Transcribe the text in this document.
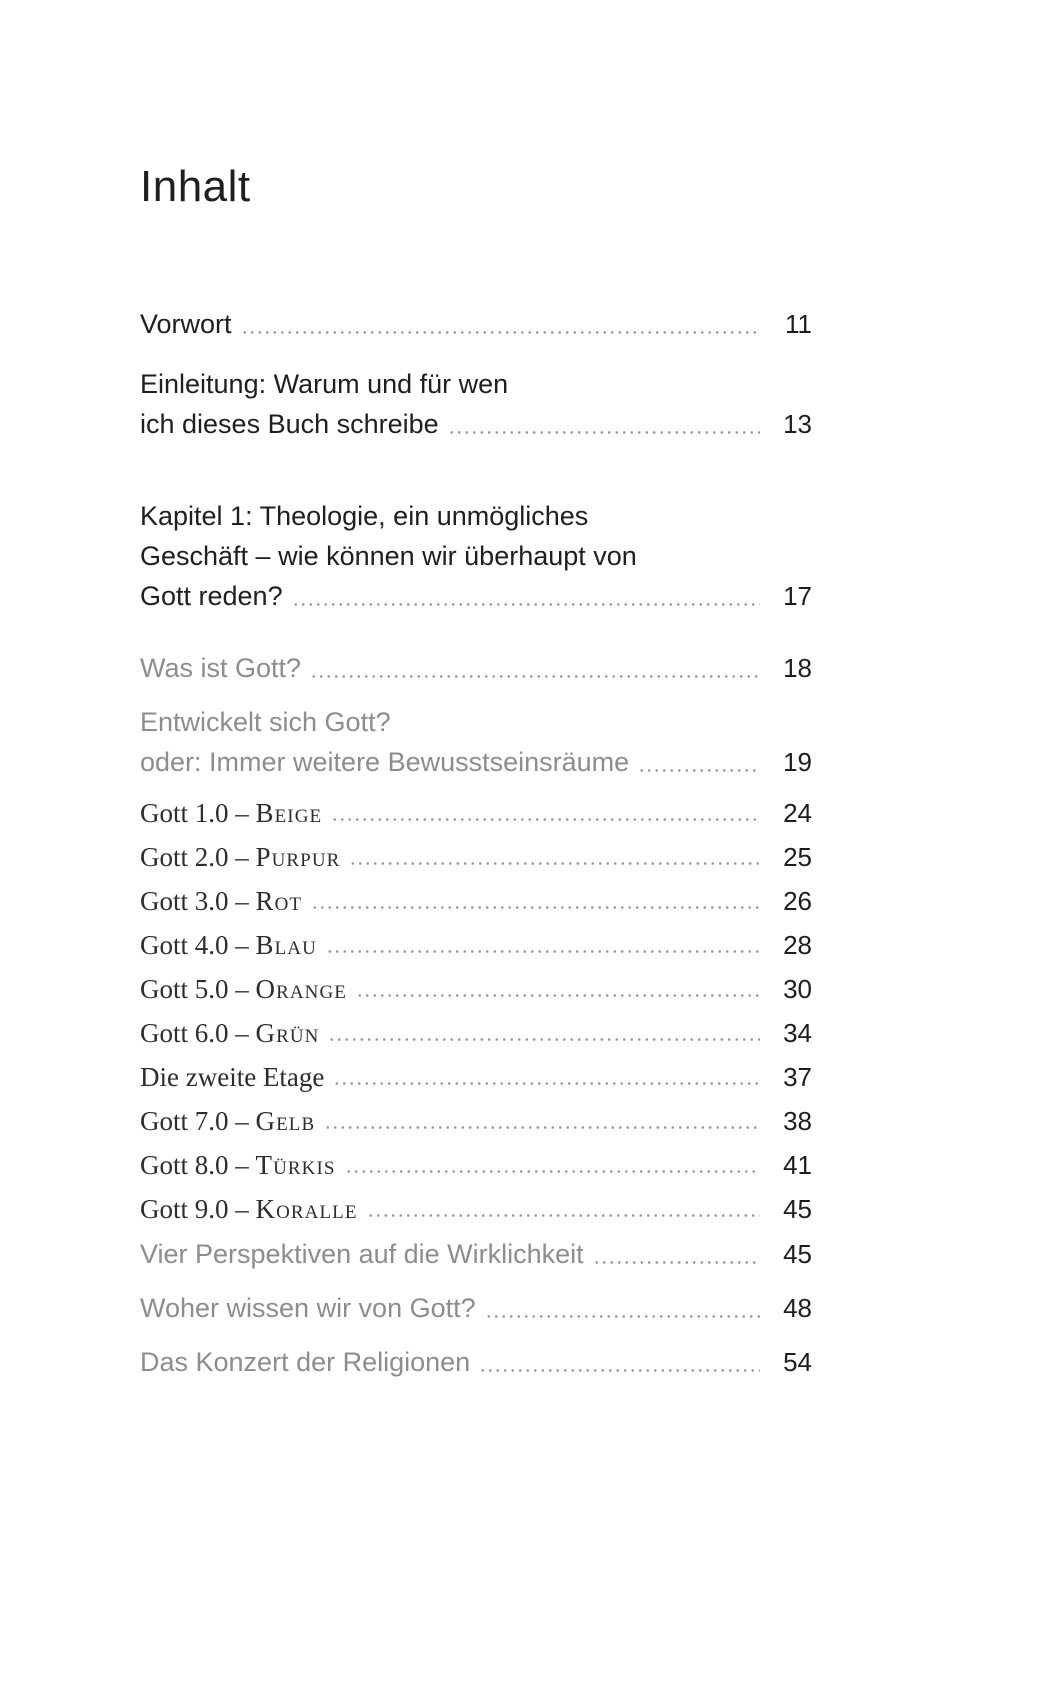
Inhalt
Vorwort	11
Einleitung: Warum und für wen
ich dieses Buch schreibe	13
Kapitel 1: Theologie, ein unmögliches
Geschäft – wie können wir überhaupt von
Gott reden?	17
Was ist Gott?	18
Entwickelt sich Gott?
oder: Immer weitere Bewusstseinsräume	19
Gott 1.0 – Beige	24
Gott 2.0 – Purpur	25
Gott 3.0 – Rot	26
Gott 4.0 – Blau	28
Gott 5.0 – Orange	30
Gott 6.0 – Grün	34
Die zweite Etage	37
Gott 7.0 – Gelb	38
Gott 8.0 – Türkis	41
Gott 9.0 – Koralle	45
Vier Perspektiven auf die Wirklichkeit	45
Woher wissen wir von Gott?	48
Das Konzert der Religionen	54
